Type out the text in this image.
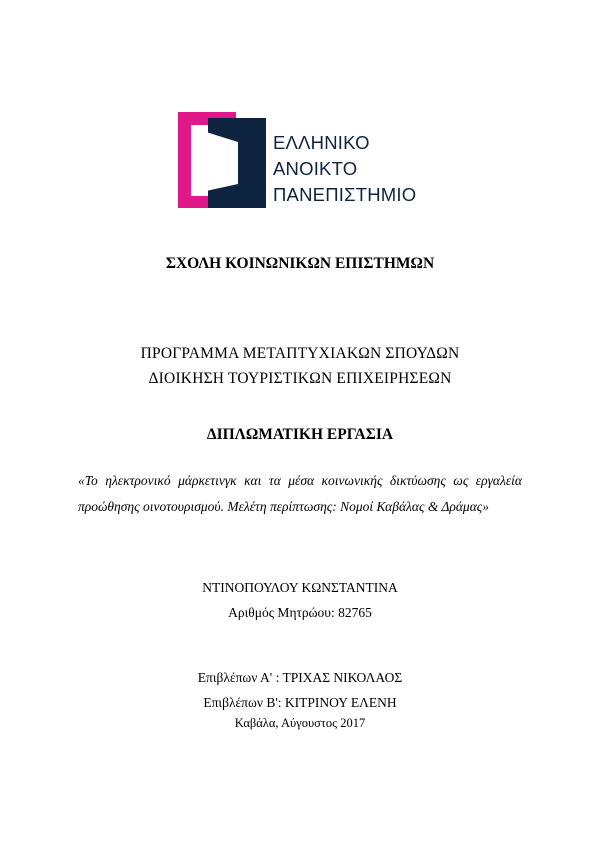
ΕΛΛΗΝΙΚΟ
ΑΝΟΙΚΤΟ
ΠΑΝΕΠΙΣΤΗΜΙΟ
ΣΧΟΛΗ ΚΟΙΝΩΝΙΚΩΝ ΕΠΙΣΤΗΜΩΝ
ΠΡΟΓΡΑΜΜΑ ΜΕΤΑΠΤΥΧΙΑΚΩΝ ΣΠΟΥΔΩΝ
ΔΙΟΙΚΗΣΗ ΤΟΥΡΙΣΤΙΚΩΝ ΕΠΙΧΕΙΡΗΣΕΩΝ
ΔΙΠΛΩΜΑΤΙΚΗ ΕΡΓΑΣΙΑ
«Το ηλεκτρονικό μάρκετινγκ και τα μέσα κοινωνικής δικτύωσης ως εργαλεία προώθησης οινοτουρισμού. Μελέτη περίπτωσης: Νομοί Καβάλας & Δράμας»
ΝΤΙΝΟΠΟΥΛΟΥ ΚΩΝΣΤΑΝΤΙΝΑ
Αριθμός Μητρώου: 82765
Επιβλέπων Α' : ΤΡΙΧΑΣ ΝΙΚΟΛΑΟΣ
Επιβλέπων Β': ΚΙΤΡΙΝΟΥ ΕΛΕΝΗ
Καβάλα, Αύγουστος 2017
